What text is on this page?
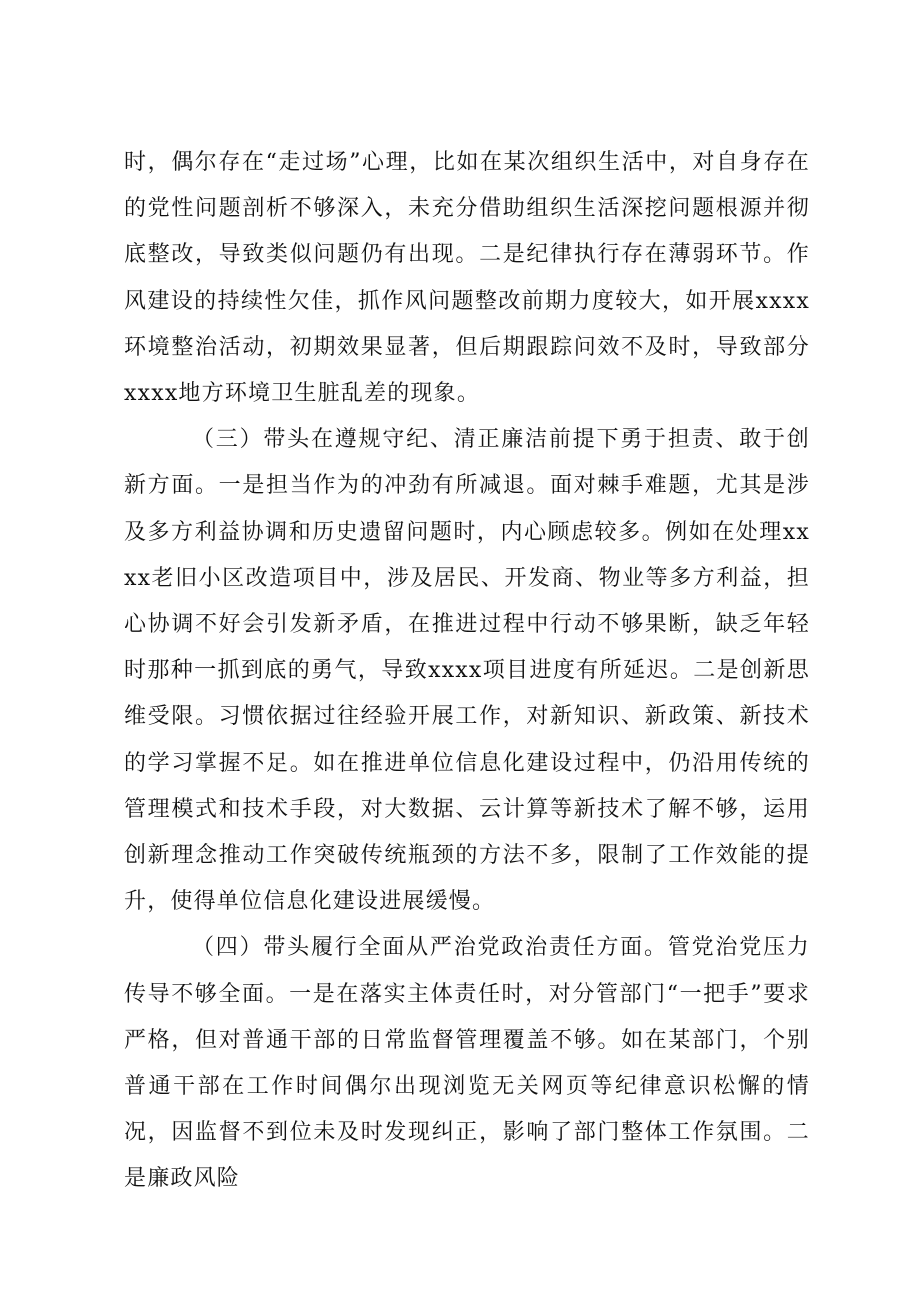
时，偶尔存在“走过场”心理，比如在某次组织生活中，对自身存在的党性问题剖析不够深入，未充分借助组织生活深挖问题根源并彻底整改，导致类似问题仍有出现。二是纪律执行存在薄弱环节。作风建设的持续性欠佳，抓作风问题整改前期力度较大，如开展xxxx环境整治活动，初期效果显著，但后期跟踪问效不及时，导致部分xxxx地方环境卫生脏乱差的现象。

（三）带头在遵规守纪、清正廉洁前提下勇于担责、敢于创新方面。一是担当作为的冲劲有所减退。面对棘手难题，尤其是涉及多方利益协调和历史遗留问题时，内心顾虑较多。例如在处理xxxx老旧小区改造项目中，涉及居民、开发商、物业等多方利益，担心协调不好会引发新矛盾，在推进过程中行动不够果断，缺乏年轻时那种一抓到底的勇气，导致xxxx项目进度有所延迟。二是创新思维受限。习惯依据过往经验开展工作，对新知识、新政策、新技术的学习掌握不足。如在推进单位信息化建设过程中，仍沿用传统的管理模式和技术手段，对大数据、云计算等新技术了解不够，运用创新理念推动工作突破传统瓶颈的方法不多，限制了工作效能的提升，使得单位信息化建设进展缓慢。

（四）带头履行全面从严治党政治责任方面。管党治党压力传导不够全面。一是在落实主体责任时，对分管部门“一把手”要求严格，但对普通干部的日常监督管理覆盖不够。如在某部门，个别普通干部在工作时间偶尔出现浏览无关网页等纪律意识松懈的情况，因监督不到位未及时发现纠正，影响了部门整体工作氛围。二是廉政风险
